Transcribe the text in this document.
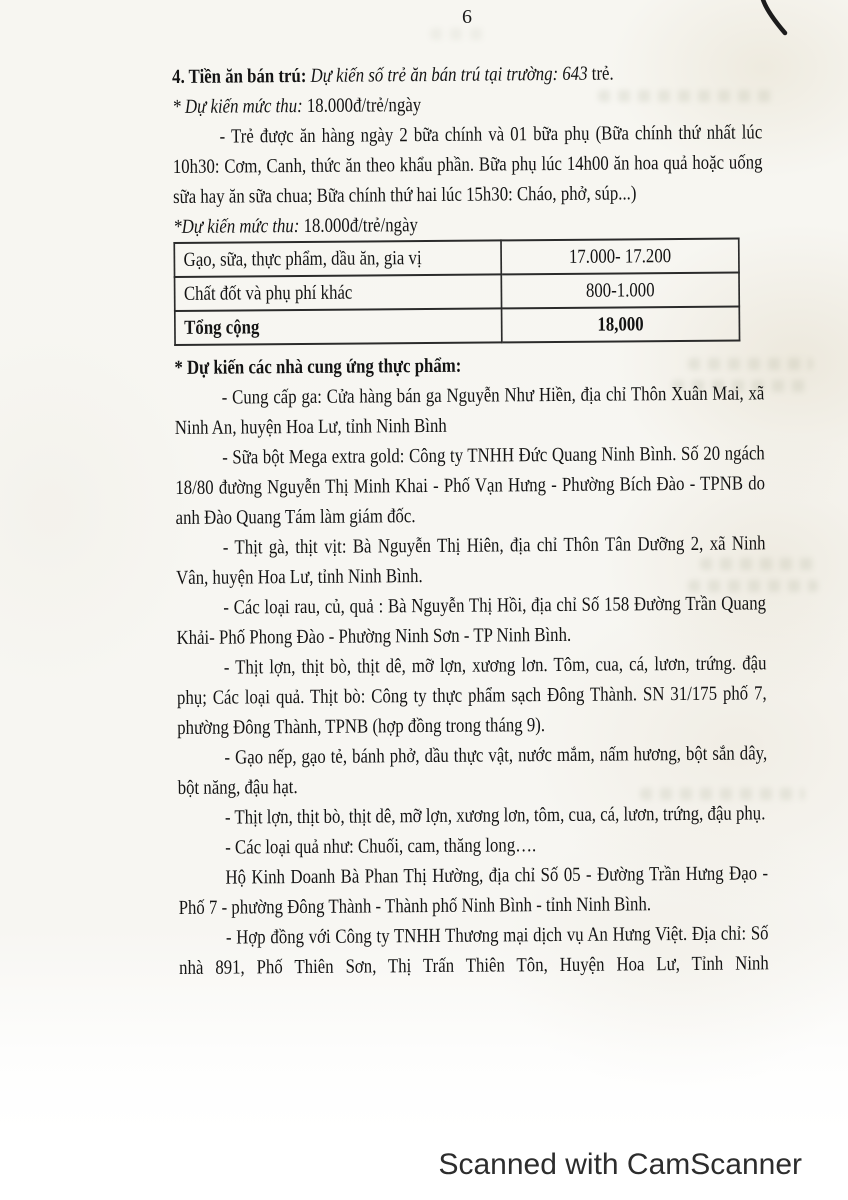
6

4. Tiền ăn bán trú: Dự kiến số trẻ ăn bán trú tại trường: 643 trẻ.

* Dự kiến mức thu: 18.000đ/trẻ/ngày

- Trẻ được ăn hàng ngày 2 bữa chính và 01 bữa phụ (Bữa chính thứ nhất lúc 10h30: Cơm, Canh, thức ăn theo khẩu phần. Bữa phụ lúc 14h00 ăn hoa quả hoặc uống sữa hay ăn sữa chua; Bữa chính thứ hai lúc 15h30: Cháo, phở, súp...)

*Dự kiến mức thu: 18.000đ/trẻ/ngày

Gạo, sữa, thực phẩm, dầu ăn, gia vị	17.000- 17.200
Chất đốt và phụ phí khác	800-1.000
Tổng cộng	18,000

* Dự kiến các nhà cung ứng thực phẩm:

- Cung cấp ga: Cửa hàng bán ga Nguyễn Như Hiền, địa chỉ Thôn Xuân Mai, xã Ninh An, huyện Hoa Lư, tỉnh Ninh Bình

- Sữa bột Mega extra gold: Công ty TNHH Đức Quang Ninh Bình. Số 20 ngách 18/80 đường Nguyễn Thị Minh Khai - Phố Vạn Hưng - Phường Bích Đào - TPNB do anh Đào Quang Tám làm giám đốc.

- Thịt gà, thịt vịt: Bà Nguyễn Thị Hiên, địa chỉ Thôn Tân Dưỡng 2, xã Ninh Vân, huyện Hoa Lư, tỉnh Ninh Bình.

- Các loại rau, củ, quả : Bà Nguyễn Thị Hồi, địa chỉ Số 158 Đường Trần Quang Khải- Phố Phong Đào - Phường Ninh Sơn - TP Ninh Bình.

- Thịt lợn, thịt bò, thịt dê, mỡ lợn, xương lơn. Tôm, cua, cá, lươn, trứng. đậu phụ; Các loại quả. Thịt bò: Công ty thực phẩm sạch Đông Thành. SN 31/175 phố 7, phường Đông Thành, TPNB (hợp đồng trong tháng 9).

- Gạo nếp, gạo tẻ, bánh phở, dầu thực vật, nước mắm, nấm hương, bột sắn dây, bột năng, đậu hạt.

- Thịt lợn, thịt bò, thịt dê, mỡ lợn, xương lơn, tôm, cua, cá, lươn, trứng, đậu phụ.

- Các loại quả như: Chuối, cam, thăng long….

Hộ Kinh Doanh Bà Phan Thị Hường, địa chỉ Số 05 - Đường Trần Hưng Đạo - Phố 7 - phường Đông Thành - Thành phố Ninh Bình - tỉnh Ninh Bình.

- Hợp đồng với Công ty TNHH Thương mại dịch vụ An Hưng Việt. Địa chỉ: Số nhà 891, Phố Thiên Sơn, Thị Trấn Thiên Tôn, Huyện Hoa Lư, Tỉnh Ninh

Scanned with CamScanner
